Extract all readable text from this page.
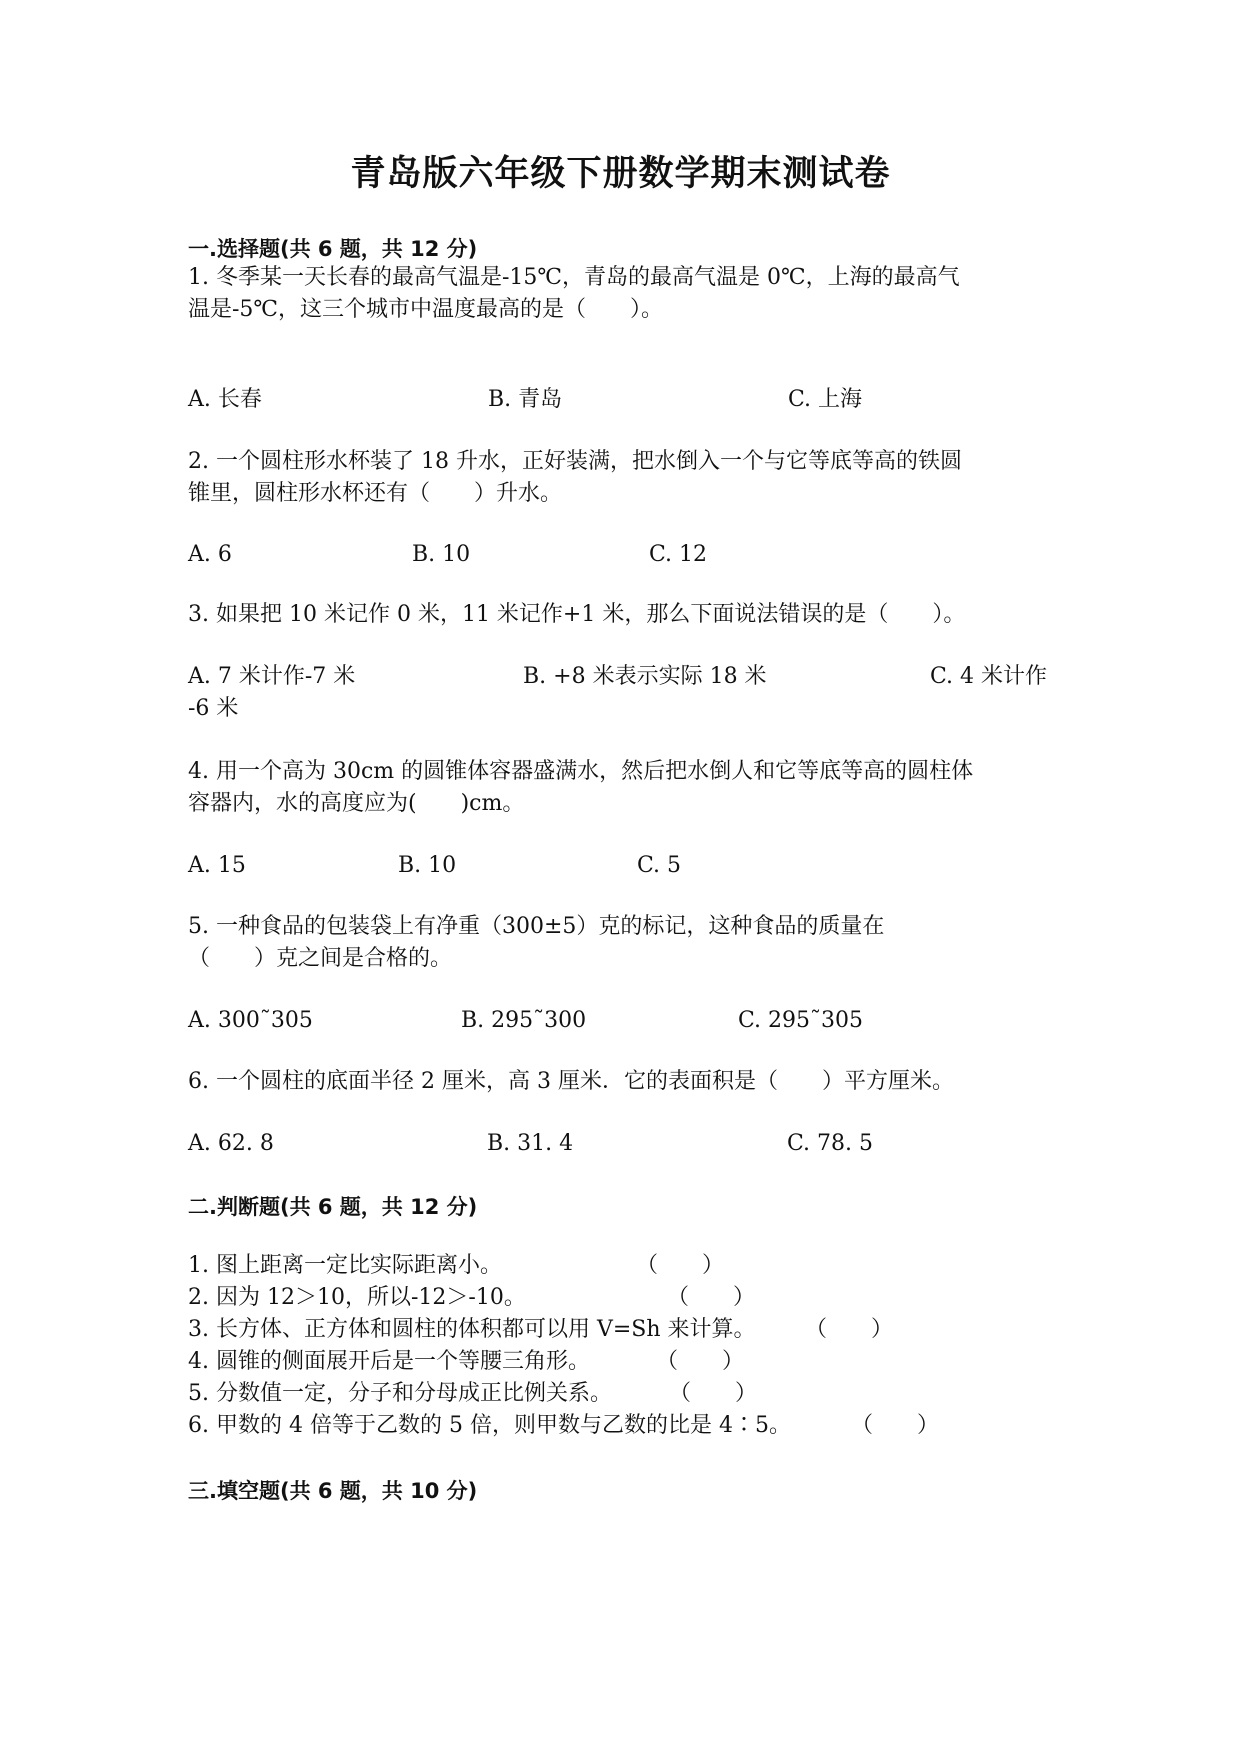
青岛版六年级下册数学期末测试卷
一.选择题(共 6 题，共 12 分)
1. 冬季某一天长春的最高气温是-15℃，青岛的最高气温是 0℃，上海的最高气
温是-5℃，这三个城市中温度最高的是（　　）。
A. 长春	B. 青岛	C. 上海
2. 一个圆柱形水杯装了 18 升水，正好装满，把水倒入一个与它等底等高的铁圆
锥里，圆柱形水杯还有（　　）升水。
A. 6	B. 10	C. 12
3. 如果把 10 米记作 0 米，11 米记作+1 米，那么下面说法错误的是（　　）。
A. 7 米计作-7 米	B. +8 米表示实际 18 米	C. 4 米计作
-6 米
4. 用一个高为 30cm 的圆锥体容器盛满水，然后把水倒人和它等底等高的圆柱体
容器内，水的高度应为(　　)cm。
A. 15	B. 10	C. 5
5. 一种食品的包装袋上有净重（300±5）克的标记，这种食品的质量在
（　　）克之间是合格的。
A. 300˜305	B. 295˜300	C. 295˜305
6. 一个圆柱的底面半径 2 厘米，高 3 厘米．它的表面积是（　　）平方厘米。
A. 62. 8	B. 31. 4	C. 78. 5
二.判断题(共 6 题，共 12 分)
1. 图上距离一定比实际距离小。	（　　）
2. 因为 12＞10，所以-12＞-10。	（　　）
3. 长方体、正方体和圆柱的体积都可以用 V=Sh 来计算。 （　　）
4. 圆锥的侧面展开后是一个等腰三角形。	（　　）
5. 分数值一定，分子和分母成正比例关系。	（　　）
6. 甲数的 4 倍等于乙数的 5 倍，则甲数与乙数的比是 4∶5。	（　　）
三.填空题(共 6 题，共 10 分)
